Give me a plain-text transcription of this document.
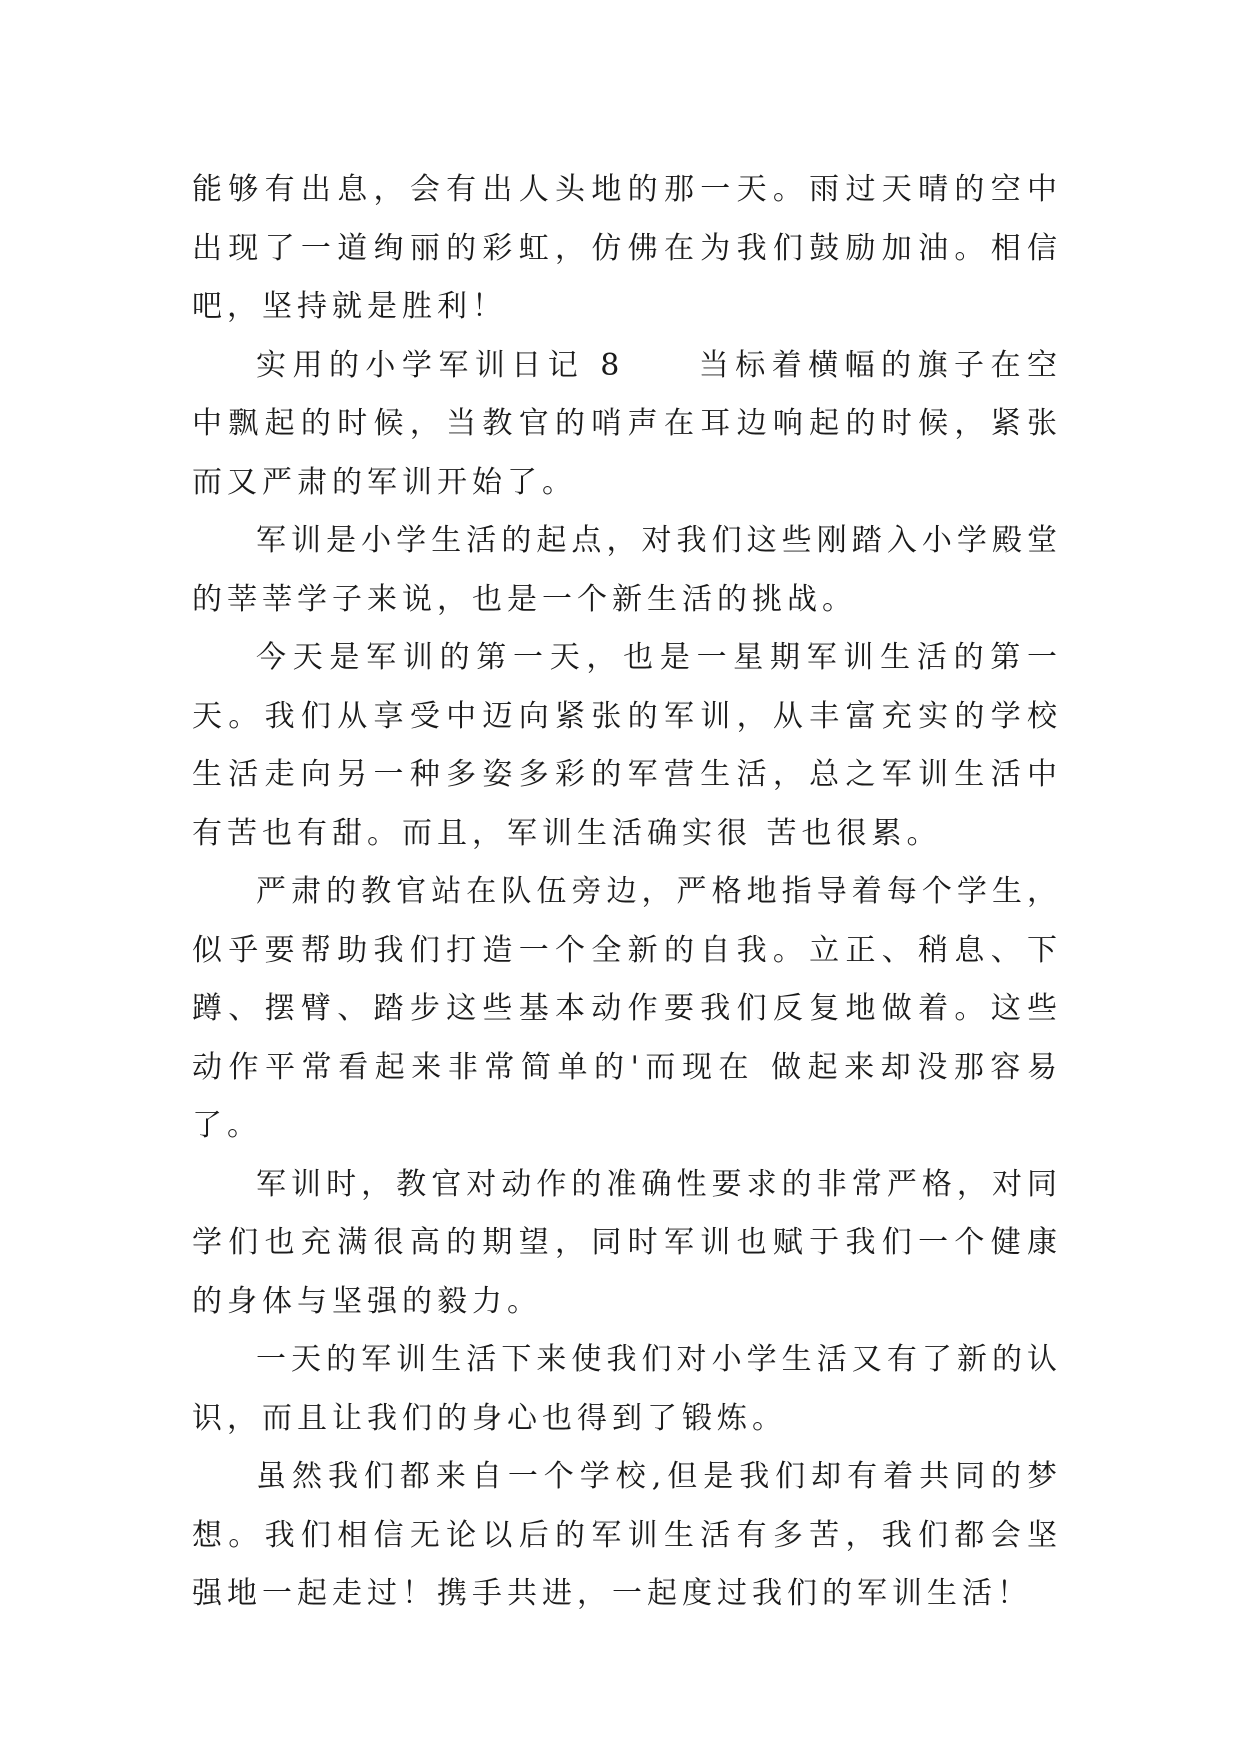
能够有出息，会有出人头地的那一天。雨过天晴的空中出现了一道绚丽的彩虹，仿佛在为我们鼓励加油。相信吧，坚持就是胜利！

实用的小学军训日记 8　　当标着横幅的旗子在空中飘起的时候，当教官的哨声在耳边响起的时候，紧张而又严肃的军训开始了。

军训是小学生活的起点，对我们这些刚踏入小学殿堂的莘莘学子来说，也是一个新生活的挑战。

今天是军训的第一天，也是一星期军训生活的第一天。我们从享受中迈向紧张的军训，从丰富充实的学校生活走向另一种多姿多彩的军营生活，总之军训生活中有苦也有甜。而且，军训生活确实很 苦也很累。

严肃的教官站在队伍旁边，严格地指导着每个学生，似乎要帮助我们打造一个全新的自我。立正、稍息、下蹲、摆臂、踏步这些基本动作要我们反复地做着。这些动作平常看起来非常简单的'而现在 做起来却没那容易了。

军训时，教官对动作的准确性要求的非常严格，对同学们也充满很高的期望，同时军训也赋于我们一个健康的身体与坚强的毅力。

一天的军训生活下来使我们对小学生活又有了新的认识，而且让我们的身心也得到了锻炼。

虽然我们都来自一个学校,但是我们却有着共同的梦想。我们相信无论以后的军训生活有多苦，我们都会坚强地一起走过！携手共进，一起度过我们的军训生活！
